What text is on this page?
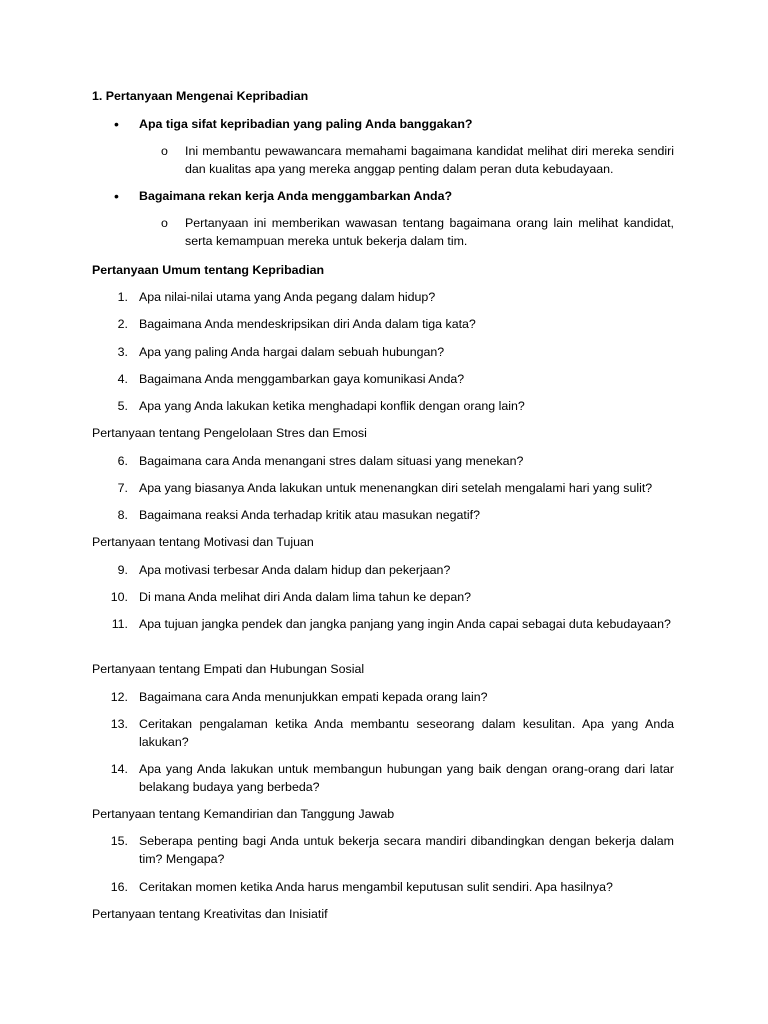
1. Pertanyaan Mengenai Kepribadian
• Apa tiga sifat kepribadian yang paling Anda banggakan?
o Ini membantu pewawancara memahami bagaimana kandidat melihat diri mereka sendiri dan kualitas apa yang mereka anggap penting dalam peran duta kebudayaan.
• Bagaimana rekan kerja Anda menggambarkan Anda?
o Pertanyaan ini memberikan wawasan tentang bagaimana orang lain melihat kandidat, serta kemampuan mereka untuk bekerja dalam tim.
Pertanyaan Umum tentang Kepribadian
1. Apa nilai-nilai utama yang Anda pegang dalam hidup?
2. Bagaimana Anda mendeskripsikan diri Anda dalam tiga kata?
3. Apa yang paling Anda hargai dalam sebuah hubungan?
4. Bagaimana Anda menggambarkan gaya komunikasi Anda?
5. Apa yang Anda lakukan ketika menghadapi konflik dengan orang lain?
Pertanyaan tentang Pengelolaan Stres dan Emosi
6. Bagaimana cara Anda menangani stres dalam situasi yang menekan?
7. Apa yang biasanya Anda lakukan untuk menenangkan diri setelah mengalami hari yang sulit?
8. Bagaimana reaksi Anda terhadap kritik atau masukan negatif?
Pertanyaan tentang Motivasi dan Tujuan
9. Apa motivasi terbesar Anda dalam hidup dan pekerjaan?
10. Di mana Anda melihat diri Anda dalam lima tahun ke depan?
11. Apa tujuan jangka pendek dan jangka panjang yang ingin Anda capai sebagai duta kebudayaan?
Pertanyaan tentang Empati dan Hubungan Sosial
12. Bagaimana cara Anda menunjukkan empati kepada orang lain?
13. Ceritakan pengalaman ketika Anda membantu seseorang dalam kesulitan. Apa yang Anda lakukan?
14. Apa yang Anda lakukan untuk membangun hubungan yang baik dengan orang-orang dari latar belakang budaya yang berbeda?
Pertanyaan tentang Kemandirian dan Tanggung Jawab
15. Seberapa penting bagi Anda untuk bekerja secara mandiri dibandingkan dengan bekerja dalam tim? Mengapa?
16. Ceritakan momen ketika Anda harus mengambil keputusan sulit sendiri. Apa hasilnya?
Pertanyaan tentang Kreativitas dan Inisiatif
